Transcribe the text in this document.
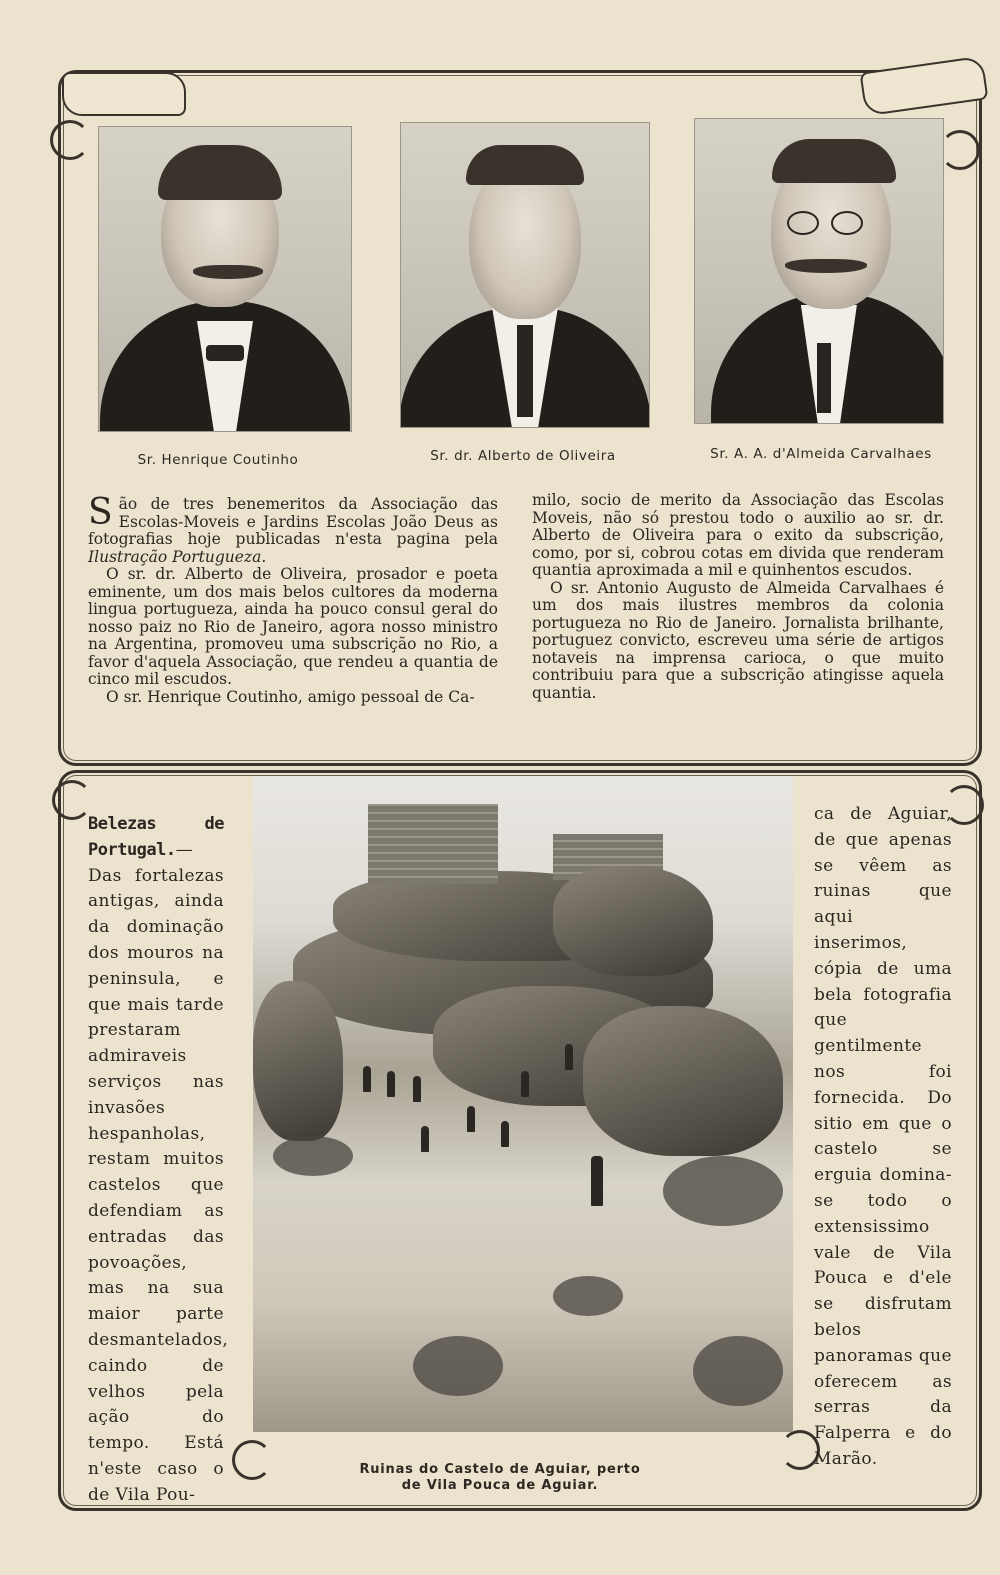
Sr. Henrique Coutinho	Sr. dr. Alberto de Oliveira	Sr. A. A. d'Almeida Carvalhaes

São de tres benemeritos da Associação das Escolas-Moveis e Jardins Escolas João Deus as fotografias hoje publicadas n'esta pagina pela Ilustração Portugueza.

O sr. dr. Alberto de Oliveira, prosador e poeta eminente, um dos mais belos cultores da moderna lingua portugueza, ainda ha pouco consul geral do nosso paiz no Rio de Janeiro, agora nosso ministro na Argentina, promoveu uma subscrição no Rio, a favor d'aquela Associação, que rendeu a quantia de cinco mil escudos.

O sr. Henrique Coutinho, amigo pessoal de Ca-

milo, socio de merito da Associação das Escolas Moveis, não só prestou todo o auxilio ao sr. dr. Alberto de Oliveira para o exito da subscrição, como, por si, cobrou cotas em divida que renderam quantia aproximada a mil e quinhentos escudos.

O sr. Antonio Augusto de Almeida Carvalhaes é um dos mais ilustres membros da colonia portugueza no Rio de Janeiro. Jornalista brilhante, portuguez convicto, escreveu uma série de artigos notaveis na imprensa carioca, o que muito contribuiu para que a subscrição atingisse aquela quantia.

Belezas de Portugal.—Das fortalezas antigas, ainda da dominação dos mouros na peninsula, e que mais tarde prestaram admiraveis serviços nas invasões hespanholas, restam muitos castelos que defendiam as entradas das povoações, mas na sua maior parte desmantelados, caindo de velhos pela ação do tempo. Está n'este caso o de Vila Pou-
ca de Aguiar, de que apenas se vêem as ruinas que aqui inserimos, cópia de uma bela fotografia que gentilmente nos foi fornecida. Do sitio em que o castelo se erguia domina-se todo o extensissimo vale de Vila Pouca e d'ele se disfrutam belos panoramas que oferecem as serras da Falperra e do Marão.
Ruinas do Castelo de Aguiar, perto
de Vila Pouca de Aguiar.
